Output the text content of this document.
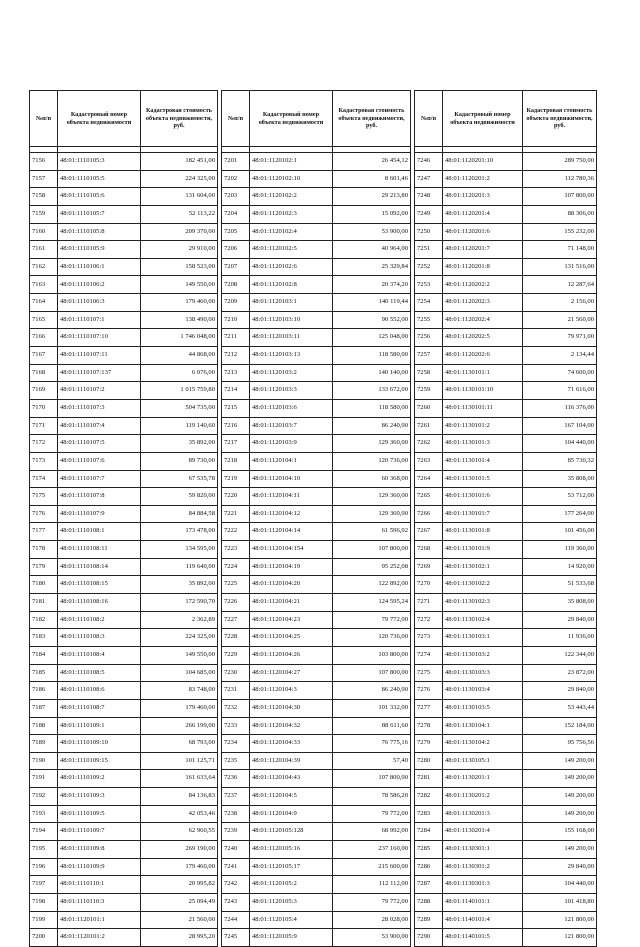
№п/п	Кадастровый номер объекта недвижимости	Кадастровая стоимость объекта недвижимости, руб.

7156	48:01:1110105:3	182 451,00
7157	48:01:1110105:5	224 325,00
7158	48:01:1110105:6	131 604,00
7159	48:01:1110105:7	52 113,22
7160	48:01:1110105:8	209 370,00
7161	48:01:1110105:9	29 910,00
7162	48:01:1110106:1	158 523,00
7163	48:01:1110106:2	149 550,00
7164	48:01:1110106:3	179 460,00
7165	48:01:1110107:1	138 490,00
7166	48:01:1110107:10	1 746 048,00
7167	48:01:1110107:11	44 868,00
7168	48:01:1110107:137	6 076,00
7169	48:01:1110107:2	1 015 759,80
7170	48:01:1110107:3	504 735,00
7171	48:01:1110107:4	119 140,60
7172	48:01:1110107:5	35 892,00
7173	48:01:1110107:6	89 730,00
7174	48:01:1110107:7	67 535,78
7175	48:01:1110107:8	59 820,00
7176	48:01:1110107:9	84 884,58
7177	48:01:1110108:1	173 478,00
7178	48:01:1110108:11	134 595,00
7179	48:01:1110108:14	119 640,00
7180	48:01:1110108:15	35 892,00
7181	48:01:1110108:16	172 590,70
7182	48:01:1110108:2	2 362,89
7183	48:01:1110108:3	224 325,00
7184	48:01:1110108:4	149 550,00
7185	48:01:1110108:5	104 685,00
7186	48:01:1110108:6	83 748,00
7187	48:01:1110108:7	179 460,00
7188	48:01:1110109:1	266 199,00
7189	48:01:1110109:10	68 793,00
7190	48:01:1110109:15	101 125,71
7191	48:01:1110109:2	161 633,64
7192	48:01:1110109:3	84 136,83
7193	48:01:1110109:5	42 053,46
7194	48:01:1110109:7	62 960,55
7195	48:01:1110109:8	269 190,00
7196	48:01:1110109:9	179 460,00
7197	48:01:1110110:1	20 995,82
7198	48:01:1110110:3	25 094,49
7199	48:01:1120101:1	21 560,00
7200	48:01:1120101:2	28 995,20
№п/п	Кадастровый номер объекта недвижимости	Кадастровая стоимость объекта недвижимости, руб.

7201	48:01:1120102:1	26 454,12
7202	48:01:1120102:10	8 601,46
7203	48:01:1120102:2	29 213,80
7204	48:01:1120102:3	15 092,00
7205	48:01:1120102:4	53 900,00
7206	48:01:1120102:5	40 964,00
7207	48:01:1120102:6	25 329,84
7208	48:01:1120102:8	20 374,20
7209	48:01:1120103:1	140 119,44
7210	48:01:1120103:10	90 552,00
7211	48:01:1120103:11	125 048,00
7212	48:01:1120103:13	118 580,00
7213	48:01:1120103:2	140 140,00
7214	48:01:1120103:3	133 672,00
7215	48:01:1120103:6	118 580,00
7216	48:01:1120103:7	86 240,00
7217	48:01:1120103:9	129 360,00
7218	48:01:1120104:1	120 736,00
7219	48:01:1120104:10	60 368,00
7220	48:01:1120104:11	129 360,00
7221	48:01:1120104:12	129 360,00
7222	48:01:1120104:14	61 596,92
7223	48:01:1120104:154	107 800,00
7224	48:01:1120104:19	95 252,08
7225	48:01:1120104:20	122 892,00
7226	48:01:1120104:21	124 595,24
7227	48:01:1120104:23	79 772,00
7228	48:01:1120104:25	120 736,00
7229	48:01:1120104:26	103 800,00
7230	48:01:1120104:27	107 800,00
7231	48:01:1120104:3	86 240,00
7232	48:01:1120104:30	101 332,00
7233	48:01:1120104:32	88 611,60
7234	48:01:1120104:33	76 775,16
7235	48:01:1120104:39	57,40
7236	48:01:1120104:43	107 800,00
7237	48:01:1120104:5	78 586,20
7238	48:01:1120104:9	79 772,00
7239	48:01:1120105:128	68 992,00
7240	48:01:1120105:16	237 160,00
7241	48:01:1120105:17	215 600,00
7242	48:01:1120105:2	112 112,00
7243	48:01:1120105:3	79 772,00
7244	48:01:1120105:4	28 028,00
7245	48:01:1120105:9	53 900,00
№п/п	Кадастровый номер объекта недвижимости	Кадастровая стоимость объекта недвижимости, руб.

7246	48:01:1120201:10	289 750,00
7247	48:01:1120201:2	112 780,36
7248	48:01:1120201:3	107 800,00
7249	48:01:1120201:4	88 306,00
7250	48:01:1120201:6	155 232,00
7251	48:01:1120201:7	71 148,00
7252	48:01:1120201:8	131 516,00
7253	48:01:1120202:2	12 287,64
7254	48:01:1120202:3	2 156,00
7255	48:01:1120202:4	21 560,00
7256	48:01:1120202:5	79 971,00
7257	48:01:1120202:6	2 134,44
7258	48:01:1130101:1	74 600,00
7259	48:01:1130101:10	71 616,00
7260	48:01:1130101:11	116 376,00
7261	48:01:1130101:2	167 104,00
7262	48:01:1130101:3	104 440,00
7263	48:01:1130101:4	85 730,32
7264	48:01:1130101:5	35 808,00
7265	48:01:1130101:6	53 712,00
7266	48:01:1130101:7	177 264,00
7267	48:01:1130101:8	101 456,00
7268	48:01:1130101:9	119 360,00
7269	48:01:1130102:1	14 920,00
7270	48:01:1130102:2	51 533,68
7271	48:01:1130102:3	35 808,00
7272	48:01:1130102:4	29 840,00
7273	48:01:1130103:1	11 936,00
7274	48:01:1130103:2	122 344,00
7275	48:01:1130103:3	23 872,00
7276	48:01:1130103:4	29 840,00
7277	48:01:1130103:5	53 443,44
7278	48:01:1130104:1	152 184,00
7279	48:01:1130104:2	95 756,56
7280	48:01:1130105:1	149 200,00
7281	48:01:1130201:1	149 200,00
7282	48:01:1130201:2	149 200,00
7283	48:01:1130201:3	149 200,00
7284	48:01:1130201:4	155 168,00
7285	48:01:1130301:1	149 200,00
7286	48:01:1130301:2	29 840,00
7287	48:01:1130301:3	104 440,00
7288	48:01:1140101:1	101 418,80
7289	48:01:1140101:4	121 800,00
7290	48:01:1140101:5	121 800,00
